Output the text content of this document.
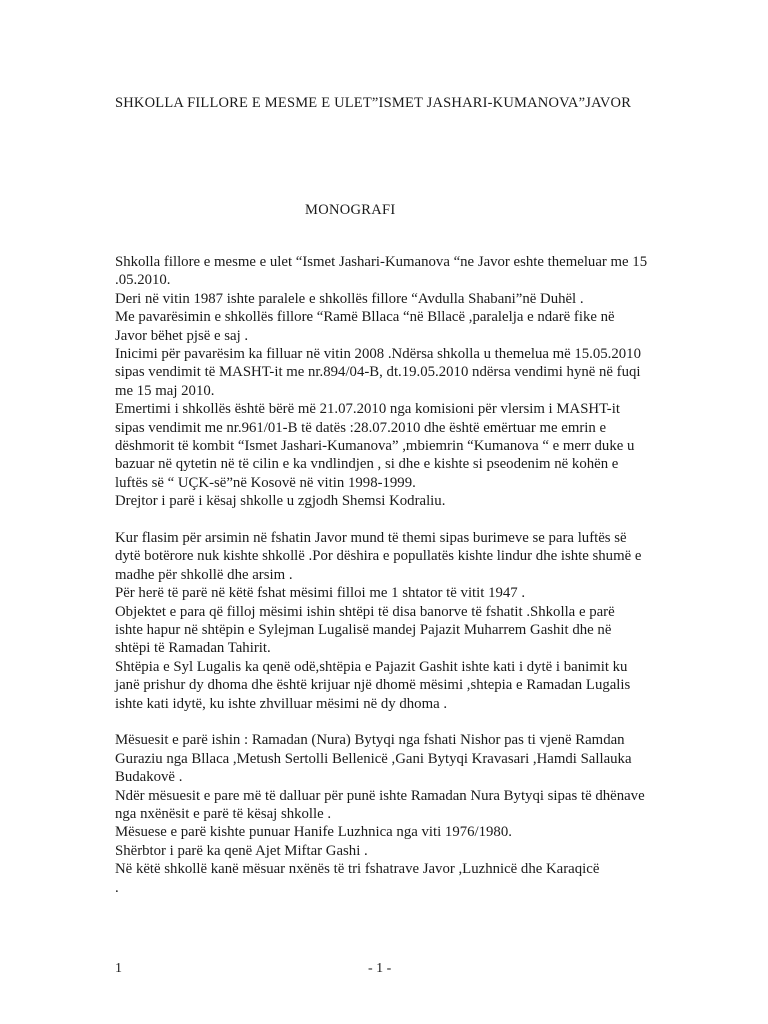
SHKOLLA FILLORE E MESME E ULET”ISMET JASHARI-KUMANOVA”JAVOR
MONOGRAFI
Shkolla fillore e mesme e ulet “Ismet Jashari-Kumanova “ne Javor eshte themeluar me 15
.05.2010.
Deri në vitin 1987 ishte paralele e shkollës fillore “Avdulla Shabani”në Duhël .
Me pavarësimin e shkollës fillore “Ramë Bllaca “në Bllacë ,paralelja e ndarë fike në
Javor bëhet pjsë e saj .
Inicimi për pavarësim ka filluar në vitin 2008 .Ndërsa shkolla u themelua më 15.05.2010
sipas vendimit të MASHT-it me nr.894/04-B, dt.19.05.2010 ndërsa vendimi hynë në fuqi
me 15 maj 2010.
Emertimi i shkollës është bërë më 21.07.2010 nga komisioni për vlersim i MASHT-it
sipas vendimit me nr.961/01-B të datës :28.07.2010 dhe është emërtuar me emrin e
dëshmorit të kombit “Ismet Jashari-Kumanova” ,mbiemrin “Kumanova “ e merr duke u
bazuar në qytetin në të cilin e ka vndlindjen , si dhe e kishte si pseodenim në kohën e
luftës së “ UÇK-së”në Kosovë në vitin 1998-1999.
Drejtor i parë i kësaj shkolle u zgjodh Shemsi Kodraliu.
Kur flasim për arsimin në fshatin Javor mund të themi sipas burimeve se para luftës së
dytë botërore nuk kishte shkollë .Por dëshira e popullatës kishte lindur dhe ishte shumë e
madhe për shkollë dhe arsim .
Për herë të parë në këtë fshat mësimi filloi me 1 shtator të vitit 1947 .
Objektet e para që filloj mësimi ishin shtëpi të disa banorve të fshatit .Shkolla e parë
ishte hapur në shtëpin e Sylejman Lugalisë mandej Pajazit Muharrem Gashit dhe në
shtëpi të Ramadan Tahirit.
Shtëpia e Syl Lugalis ka qenë odë,shtëpia e Pajazit Gashit ishte kati i dytë i banimit ku
janë prishur dy dhoma dhe është krijuar një dhomë mësimi ,shtepia e Ramadan Lugalis
ishte kati idytë, ku ishte zhvilluar mësimi në dy dhoma .
Mësuesit e parë ishin : Ramadan (Nura) Bytyqi nga fshati Nishor pas ti vjenë Ramdan
Guraziu nga Bllaca ,Metush Sertolli Bellenicë ,Gani Bytyqi Kravasari ,Hamdi Sallauka
Budakovë .
Ndër mësuesit e pare më të dalluar për punë ishte Ramadan Nura Bytyqi sipas të dhënave
nga nxënësit e parë të kësaj shkolle .
Mësuese e parë kishte punuar Hanife Luzhnica nga viti 1976/1980.
Shërbtor i parë ka qenë Ajet Miftar Gashi .
Në këtë shkollë kanë mësuar nxënës të tri fshatrave Javor ,Luzhnicë dhe Karaqicë
.
1	- 1 -
